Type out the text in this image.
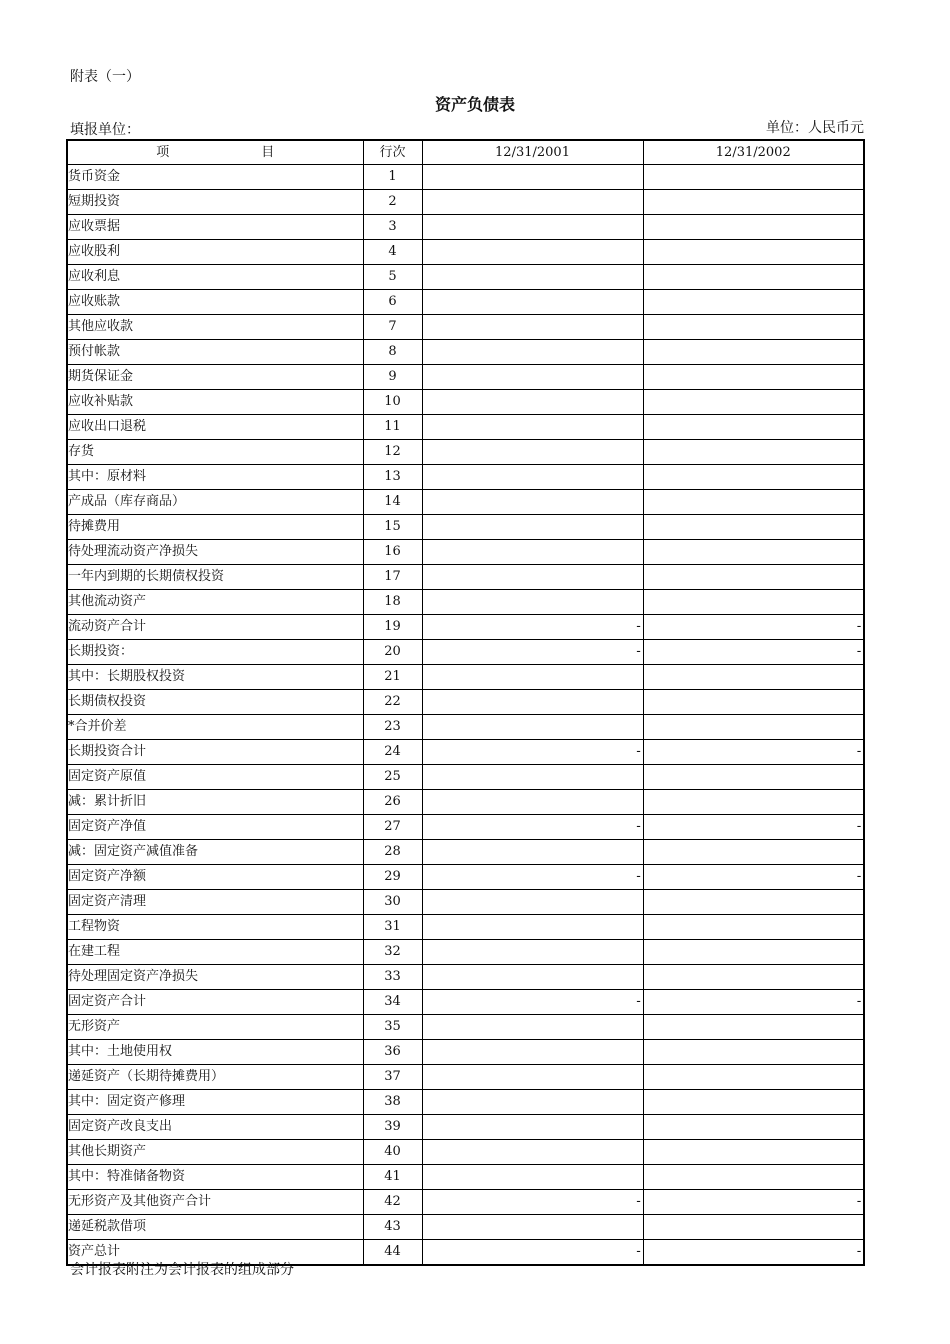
附表（一）
资产负债表
填报单位：	单位：人民币元
项 目	行次	12/31/2001	12/31/2002
货币资金	1		
短期投资	2		
应收票据	3		
应收股利	4		
应收利息	5		
应收账款	6		
其他应收款	7		
预付帐款	8		
期货保证金	9		
应收补贴款	10		
应收出口退税	11		
存货	12		
其中：原材料	13		
产成品（库存商品）	14		
待摊费用	15		
待处理流动资产净损失	16		
一年内到期的长期债权投资	17		
其他流动资产	18		
流动资产合计	19	-	-
长期投资：	20	-	-
其中：长期股权投资	21		
长期债权投资	22		
*合并价差	23		
长期投资合计	24	-	-
固定资产原值	25		
减：累计折旧	26		
固定资产净值	27	-	-
减：固定资产减值准备	28		
固定资产净额	29	-	-
固定资产清理	30		
工程物资	31		
在建工程	32		
待处理固定资产净损失	33		
固定资产合计	34	-	-
无形资产	35		
其中：土地使用权	36		
递延资产（长期待摊费用）	37		
其中：固定资产修理	38		
固定资产改良支出	39		
其他长期资产	40		
其中：特准储备物资	41		
无形资产及其他资产合计	42	-	-
递延税款借项	43		
资产总计	44	-	-
会计报表附注为会计报表的组成部分
